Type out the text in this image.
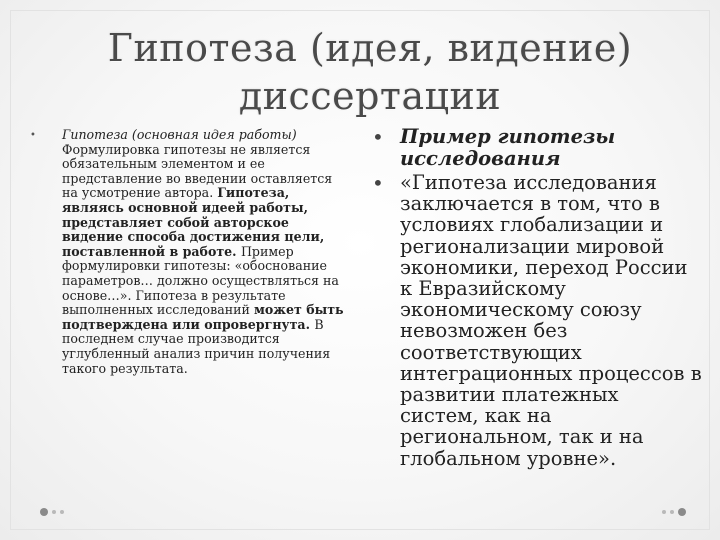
Гипотеза (идея, видение) диссертации
• Гипотеза (основная идея работы) Формулировка гипотезы не является обязательным элементом и ее представление во введении оставляется на усмотрение автора. Гипотеза, являясь основной идеей работы, представляет собой авторское видение способа достижения цели, поставленной в работе. Пример формулировки гипотезы: «обоснование параметров… должно осуществляться на основе…». Гипотеза в результате выполненных исследований может быть подтверждена или опровергнута. В последнем случае производится углубленный анализ причин получения такого результата.
• Пример гипотезы исследования
• «Гипотеза исследования заключается в том, что в условиях глобализации и регионализации мировой экономики, переход России к Евразийскому экономическому союзу невозможен без соответствующих интеграционных процессов в развитии платежных систем, как на региональном, так и на глобальном уровне».
